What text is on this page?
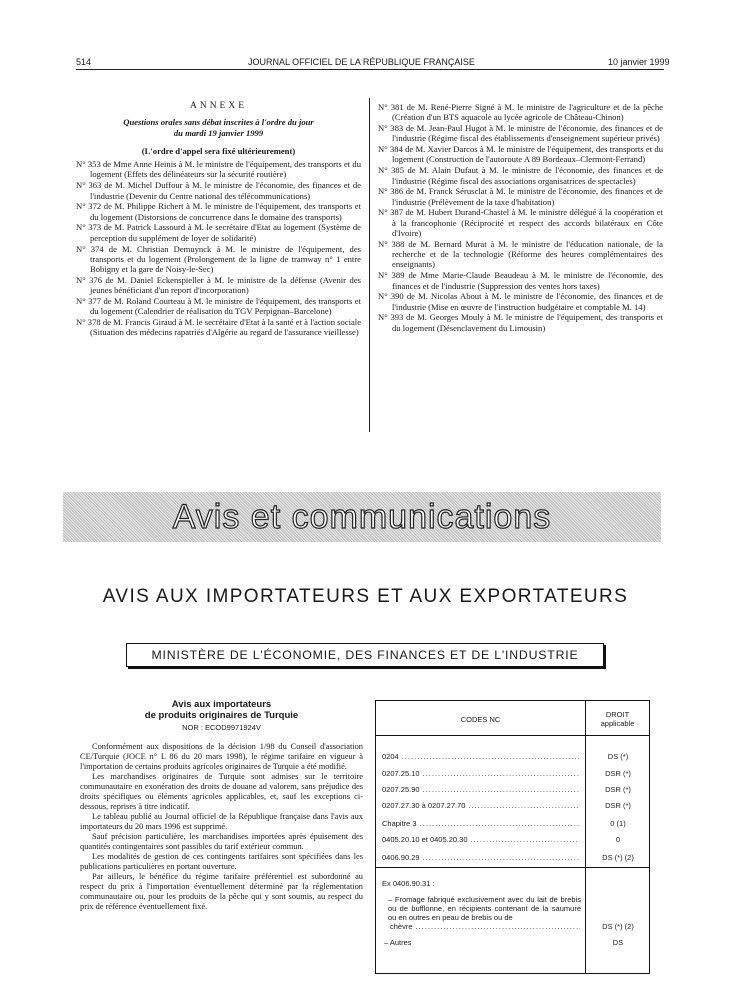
514	JOURNAL OFFICIEL DE LA RÉPUBLIQUE FRANÇAISE	10 janvier 1999
ANNEXE
Questions orales sans débat inscrites à l'ordre du jour
du mardi 19 janvier 1999
(L'ordre d'appel sera fixé ultérieurement)

N° 353 de Mme Anne Heinis à M. le ministre de l'équipement, des transports et du logement (Effets des délinéateurs sur la sécurité routière)

N° 363 de M. Michel Duffour à M. le ministre de l'économie, des finances et de l'industrie (Devenir du Centre national des télécommunications)

N° 372 de M. Philippe Richert à M. le ministre de l'équipement, des transports et du logement (Distorsions de concurrence dans le domaine des transports)

N° 373 de M. Patrick Lassourd à M. le secrétaire d'Etat au logement (Système de perception du supplément de loyer de solidarité)

N° 374 de M. Christian Demuynck à M. le ministre de l'équipement, des transports et du logement (Prolongement de la ligne de tramway n° 1 entre Bobigny et la gare de Noisy-le-Sec)

N° 376 de M. Daniel Eckenspieller à M. le ministre de la défense (Avenir des jeunes bénéficiant d'un report d'incorporation)

N° 377 de M. Roland Courteau à M. le ministre de l'équipement, des transports et du logement (Calendrier de réalisation du TGV Perpignan–Barcelone)

N° 378 de M. Francis Giraud à M. le secrétaire d'Etat à la santé et à l'action sociale (Situation des médecins rapatriés d'Algérie au regard de l'assurance vieillesse)

N° 381 de M. René-Pierre Signé à M. le ministre de l'agriculture et de la pêche (Création d'un BTS aquacole au lycée agricole de Château-Chinon)

N° 383 de M. Jean-Paul Hugot à M. le ministre de l'économie, des finances et de l'industrie (Régime fiscal des établissements d'enseignement supérieur privés)

N° 384 de M. Xavier Darcos à M. le ministre de l'équipement, des transports et du logement (Construction de l'autoroute A 89 Bordeaux–Clermont-Ferrand)

N° 385 de M. Alain Dufaut à M. le ministre de l'économie, des finances et de l'industrie (Régime fiscal des associations organisatrices de spectacles)

N° 386 de M. Franck Sérusclat à M. le ministre de l'économie, des finances et de l'industrie (Prélèvement de la taxe d'habitation)

N° 387 de M. Hubert Durand-Chastel à M. le ministre délégué à la coopération et à la francophonie (Réciprocité et respect des accords bilatéraux en Côte d'Ivoire)

N° 388 de M. Bernard Murat à M. le ministre de l'éducation nationale, de la recherche et de la technologie (Réforme des heures complémentaires des enseignants)

N° 389 de Mme Marie-Claude Beaudeau à M. le ministre de l'économie, des finances et de l'industrie (Suppression des ventes hors taxes)

N° 390 de M. Nicolas About à M. le ministre de l'économie, des finances et de l'industrie (Mise en œuvre de l'instruction budgétaire et comptable M. 14)

N° 393 de M. Georges Mouly à M. le ministre de l'équipement, des transports et du logement (Désenclavement du Limousin)

Avis et communications
AVIS AUX IMPORTATEURS ET AUX EXPORTATEURS
MINISTÈRE DE L'ÉCONOMIE, DES FINANCES ET DE L'INDUSTRIE
Avis aux importateurs
de produits originaires de Turquie
NOR : ECOD9971924V

Conformément aux dispositions de la décision 1/98 du Conseil d'association CE/Turquie (JOCE n° L 86 du 20 mars 1998), le régime tarifaire en vigueur à l'importation de certains produits agricoles originaires de Turquie a été modifié.

Les marchandises originaires de Turquie sont admises sur le territoire communautaire en exonération des droits de douane ad valorem, sans préjudice des droits spécifiques ou éléments agricoles applicables, et, sauf les exceptions ci-dessous, reprises à titre indicatif.

Le tableau publié au Journal officiel de la République française dans l'avis aux importateurs du 20 mars 1996 est supprimé.

Sauf précision particulière, les marchandises importées après épuisement des quantités contingentaires sont passibles du tarif extérieur commun.

Les modalités de gestion de ces contingents tarifaires sont spécifiées dans les publications particulières en portant ouverture.

Par ailleurs, le bénéfice du régime tarifaire préférentiel est subordonné au respect du prix à l'importation éventuellement déterminé par la réglementation communautaire ou, pour les produits de la pêche qui y sont soumis, au respect du prix de référence éventuellement fixé.

CODES NC
DROIT
applicable
0204 .....	DS (*)
0207.25.10 .....	DSR (*)
0207.25.90 .....	DSR (*)
0207.27.30 à 0207.27.70 .....	DSR (*)
Chapitre 3 .....	0 (1)
0405.20.10 et 0405.20.30 .....	0
0406.90.29 .....	DS (*) (2)
Ex 0406.90.31 :
– Fromage fabriqué exclusivement avec du lait de brebis ou de bufflonne, en récipients contenant de la saumure ou en outres en peau de brebis ou de
chèvre .....	DS (*) (2)
– Autres	DS
